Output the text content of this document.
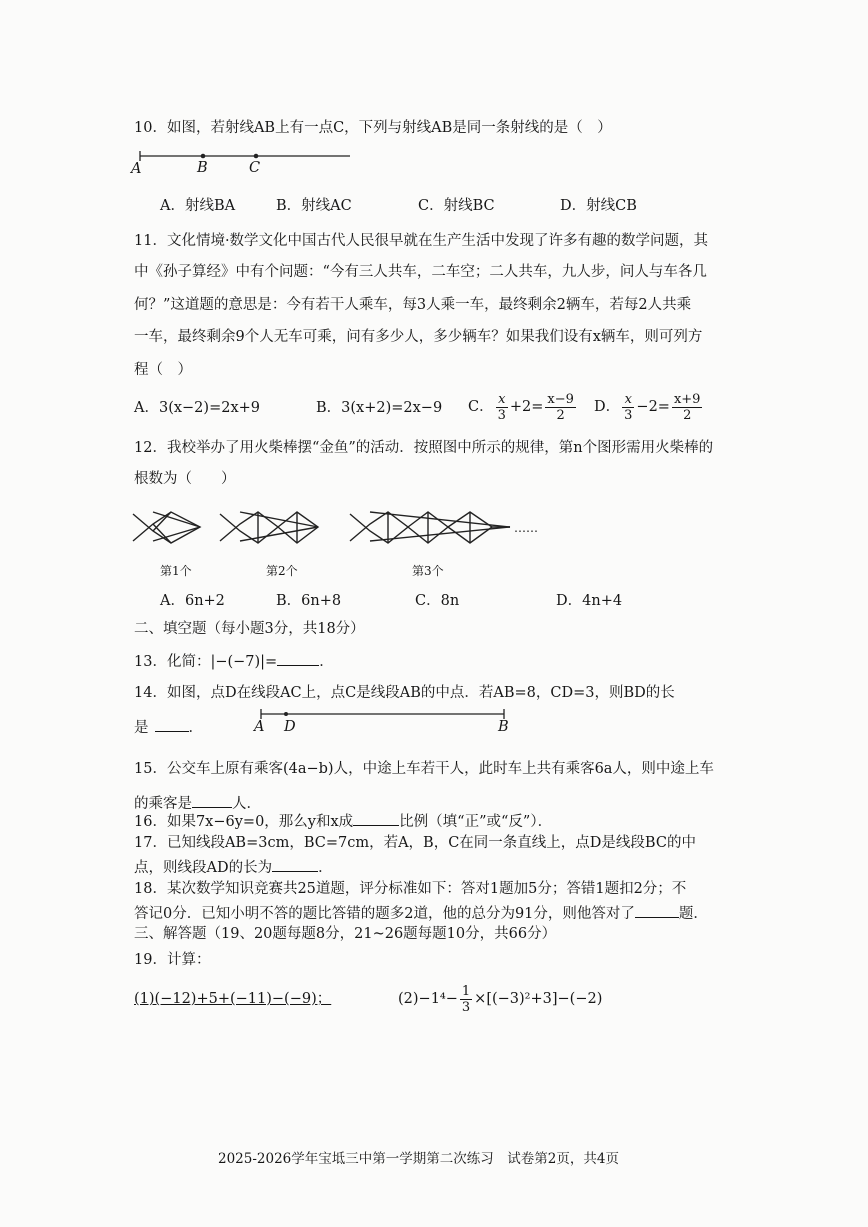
10．如图，若射线AB上有一点C，下列与射线AB是同一条射线的是（　）
A	B	C
A．射线BA	B．射线AC	C．射线BC	D．射线CB
11．文化情境·数学文化中国古代人民很早就在生产生活中发现了许多有趣的数学问题，其
中《孙子算经》中有个问题：“今有三人共车，二车空；二人共车，九人步，问人与车各几
何？”这道题的意思是：今有若干人乘车，每3人乘一车，最终剩余2辆车，若每2人共乘
一车，最终剩余9个人无车可乘，问有多少人，多少辆车？如果我们设有x辆车，则可列方
程（　）
A．3(x−2)=2x+9	B．3(x+2)=2x−9 C． $\frac{x}{3} +2= \frac{x-9}{2}$ D． $\frac{x}{3} -2= \frac{x+9}{2}$
12．我校举办了用火柴棒摆“金鱼”的活动．按照图中所示的规律，第n个图形需用火柴棒的
根数为（　　）
……
第1个	第2个	第3个
A．6n+2	B．6n+8	C．8n	D．4n+4
二、填空题（每小题3分，共18分）
13．化简：|−(−7)|=	．
14．如图，点D在线段AC上，点C是线段AB的中点．若AB=8，CD=3，则BD的长
是	．	A D	B
15．公交车上原有乘客(4a−b)人，中途上车若干人，此时车上共有乘客6a人，则中途上车
的乘客是	人．
16．如果7x−6y=0，那么y和x成	比例（填“正”或“反”）．
17．已知线段AB=3cm，BC=7cm，若A，B，C在同一条直线上，点D是线段BC的中
点，则线段AD的长为	．
18．某次数学知识竞赛共25道题，评分标准如下：答对1题加5分；答错1题扣2分；不
答记0分．已知小明不答的题比答错的题多2道，他的总分为91分，则他答对了	题．
三、解答题（19、20题每题8分，21~26题每题10分，共66分）
19．计算：
(1)(−12)+5+(−11)−(−9)；	$(2)-1^4- \frac{1}{3} \times[(-3)^2+3]-(-2)$
2025-2026学年宝坻三中第一学期第二次练习　试卷第2页，共4页
